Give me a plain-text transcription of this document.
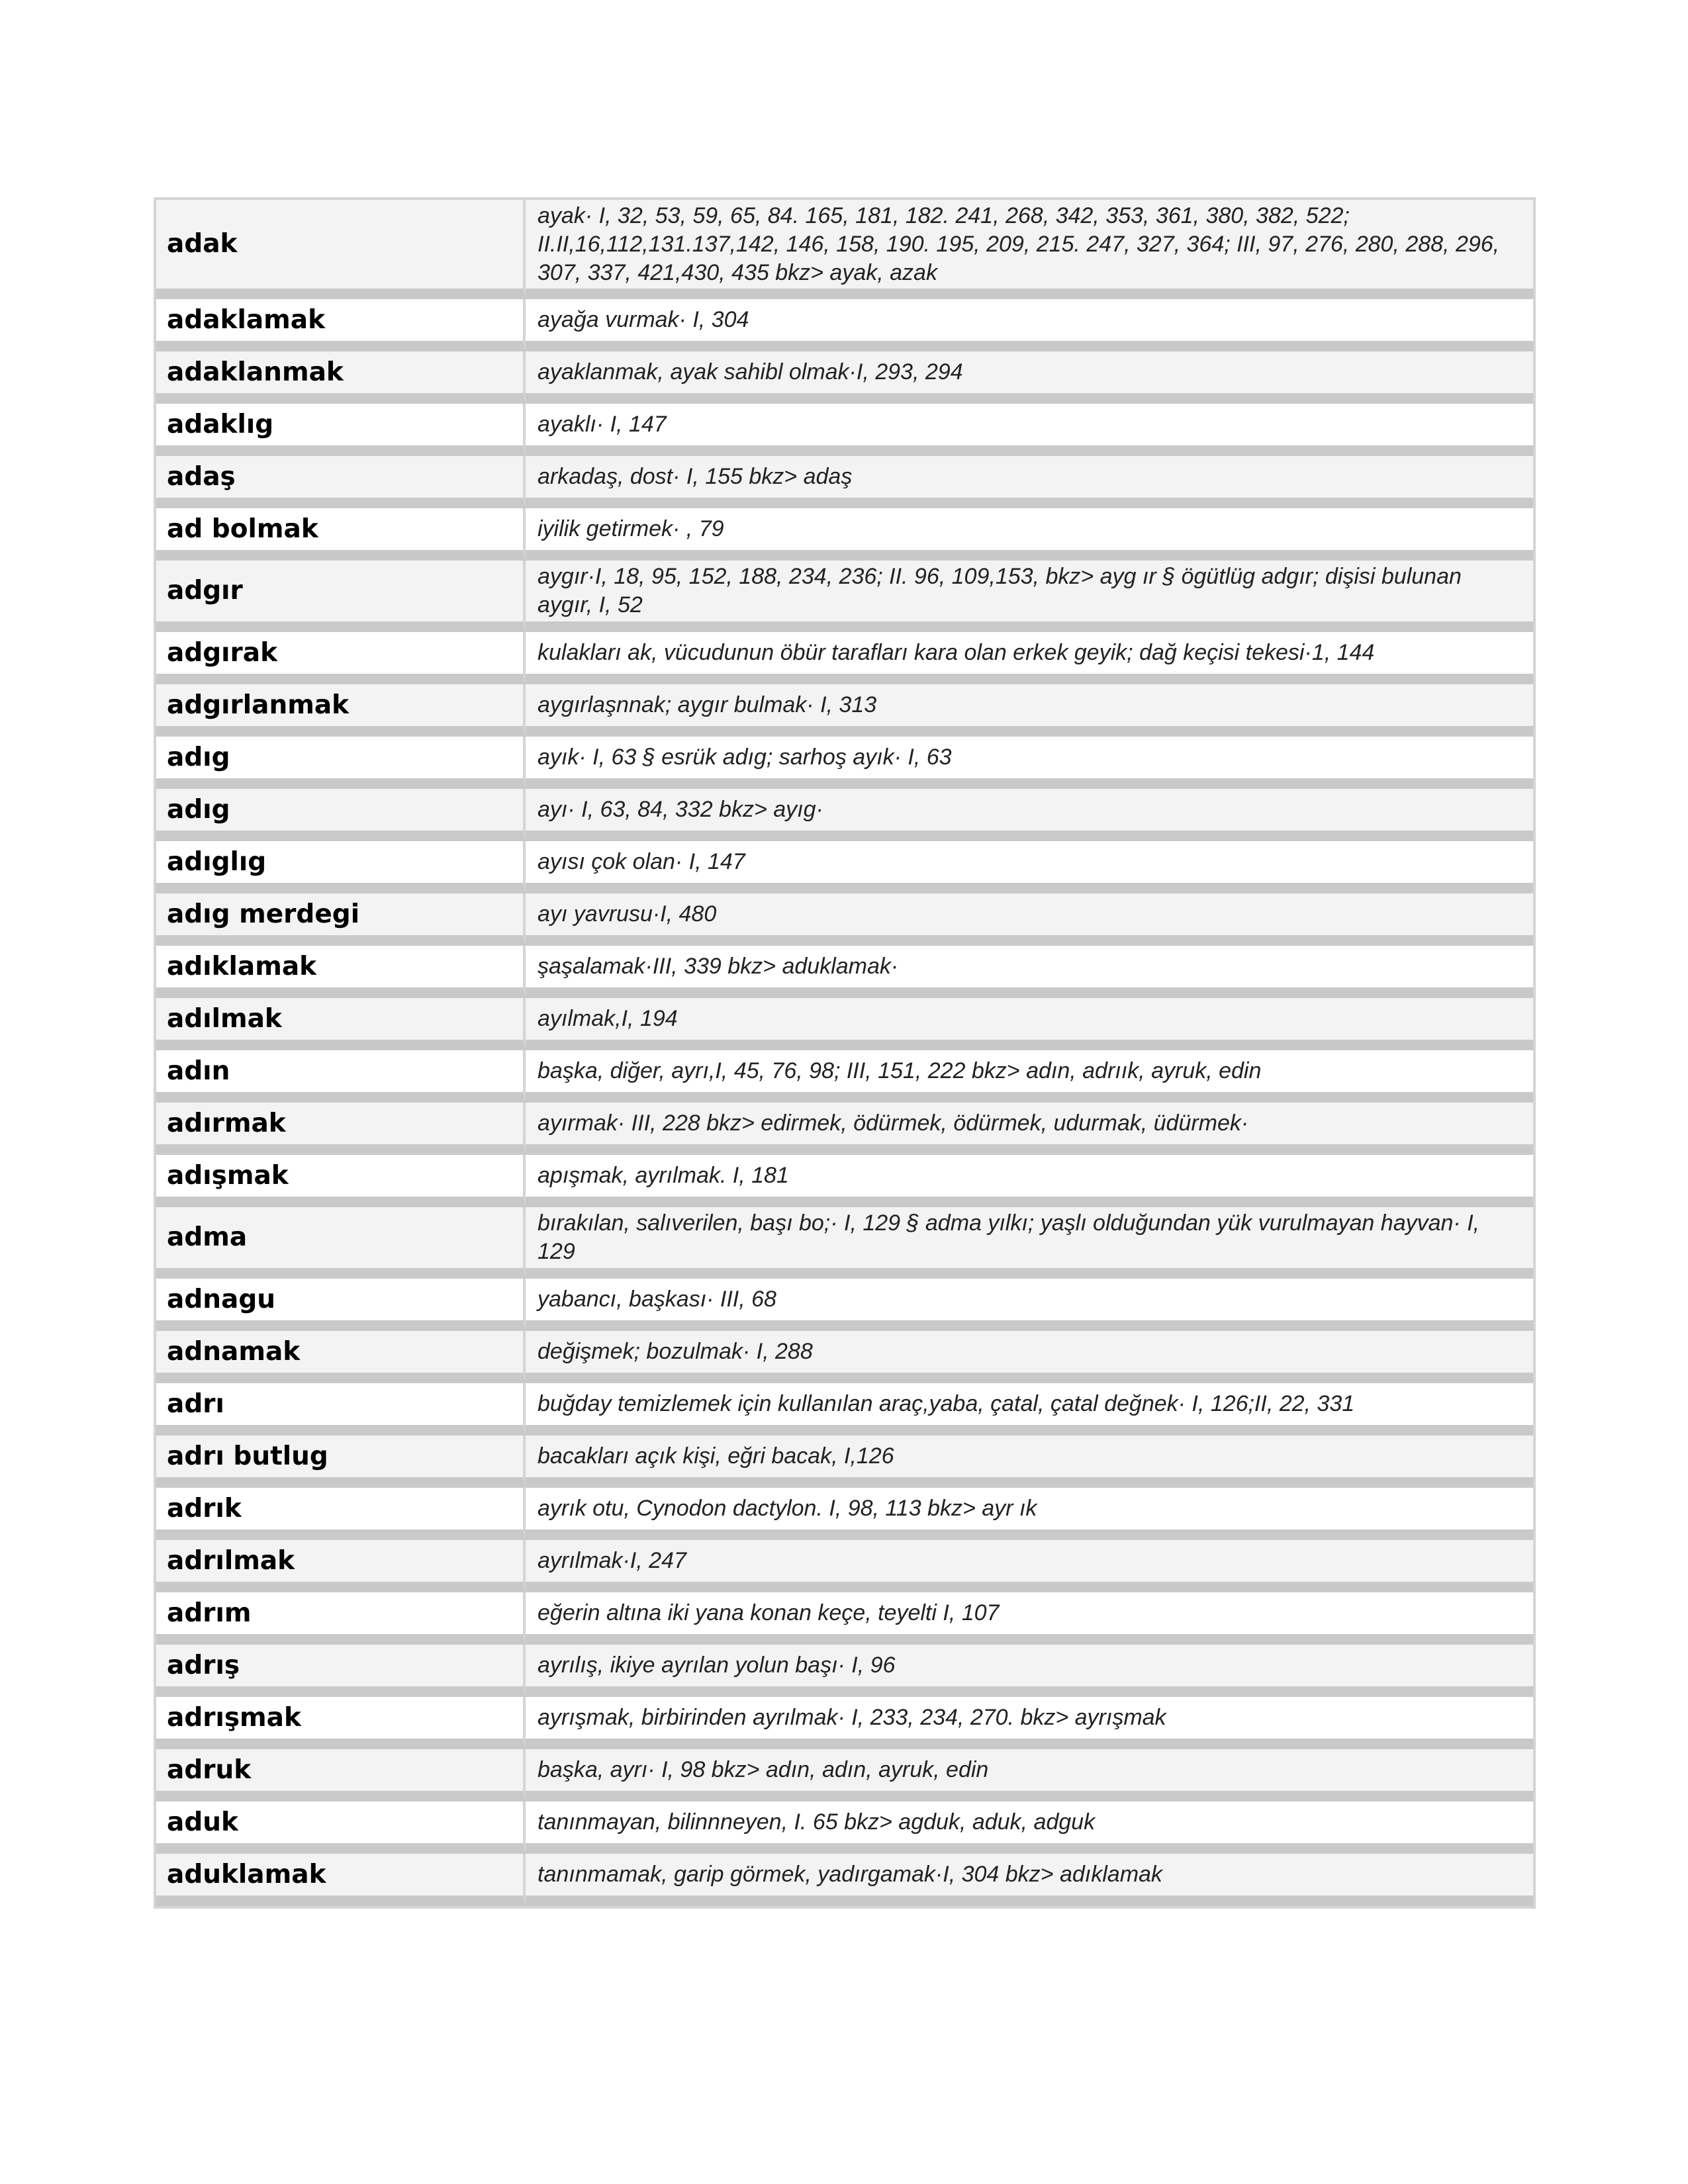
adak	ayak· I, 32, 53, 59, 65, 84. 165, 181, 182. 241, 268, 342, 353, 361, 380, 382, 522; II.II,16,112,131.137,142, 146, 158, 190. 195, 209, 215. 247, 327, 364; III, 97, 276, 280, 288, 296, 307, 337, 421,430, 435 bkz> ayak, azak
adaklamak	ayağa vurmak· I, 304
adaklanmak	ayaklanmak, ayak sahibl olmak·I, 293, 294
adaklıg	ayaklı· I, 147
adaş	arkadaş, dost· I, 155 bkz> adaş
ad bolmak	iyilik getirmek· , 79
adgır	aygır·I, 18, 95, 152, 188, 234, 236; II. 96, 109,153, bkz> ayg ır § ögütlüg adgır; dişisi bulunan aygır, I, 52
adgırak	kulakları ak, vücudunun öbür tarafları kara olan erkek geyik; dağ keçisi tekesi·1, 144
adgırlanmak	aygırlaşnnak; aygır bulmak· I, 313
adıg	ayık· I, 63 § esrük adıg; sarhoş ayık· I, 63
adıg	ayı· I, 63, 84, 332 bkz> ayıg·
adıglıg	ayısı çok olan· I, 147
adıg merdegi	ayı yavrusu·I, 480
adıklamak	şaşalamak·III, 339 bkz> aduklamak·
adılmak	ayılmak,I, 194
adın	başka, diğer, ayrı,I, 45, 76, 98; III, 151, 222 bkz> adın, adrıık, ayruk, edin
adırmak	ayırmak· III, 228 bkz> edirmek, ödürmek, ödürmek, udurmak, üdürmek·
adışmak	apışmak, ayrılmak. I, 181
adma	bırakılan, salıverilen, başı bo;· I, 129 § adma yılkı; yaşlı olduğundan yük vurulmayan hayvan· I, 129
adnagu	yabancı, başkası· III, 68
adnamak	değişmek; bozulmak· I, 288
adrı	buğday temizlemek için kullanılan araç,yaba, çatal, çatal değnek· I, 126;II, 22, 331
adrı butlug	bacakları açık kişi, eğri bacak, I,126
adrık	ayrık otu, Cynodon dactylon. I, 98, 113 bkz> ayr ık
adrılmak	ayrılmak·I, 247
adrım	eğerin altına iki yana konan keçe, teyelti I, 107
adrış	ayrılış, ikiye ayrılan yolun başı· I, 96
adrışmak	ayrışmak, birbirinden ayrılmak· I, 233, 234, 270. bkz> ayrışmak
adruk	başka, ayrı· I, 98 bkz> adın, adın, ayruk, edin
aduk	tanınmayan, bilinnneyen, I. 65 bkz> agduk, aduk, adguk
aduklamak	tanınmamak, garip görmek, yadırgamak·I, 304 bkz> adıklamak
